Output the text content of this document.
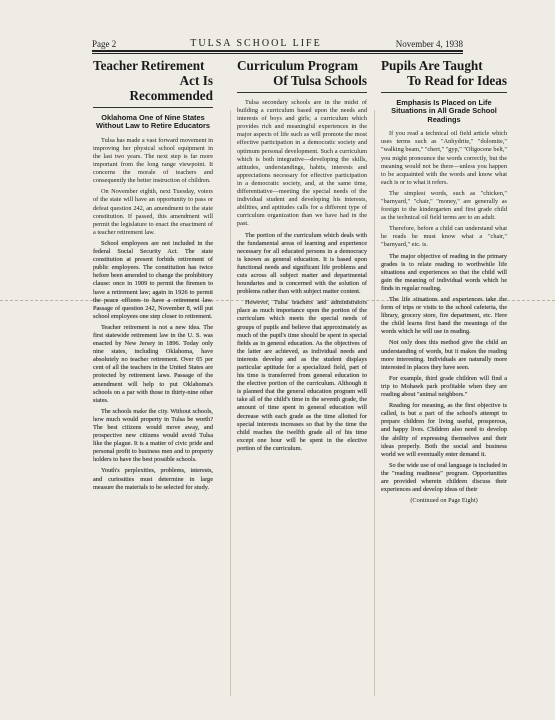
Page 2	TULSA SCHOOL LIFE	November 4, 1938
Teacher Retirement
Act Is Recommended
Oklahoma One of Nine States Without Law to Retire Educators

Tulsa has made a vast forward movement in improving her physical school equipment in the last two years. The next step is far more important from the long range viewpoint. It concerns the morale of teachers and consequently the better instruction of children.

On November eighth, next Tuesday, voters of the state will have an opportunity to pass or defeat question 242, an amendment to the state constitution. If passed, this amendment will permit the legislature to enact the enactment of a teacher retirement law.

School employees are not included in the federal Social Security Act. The state constitution at present forbids retirement of public employees. The constitution has twice before been amended to change the prohibitory clause: once in 1909 to permit the firemen to have a retirement law; again in 1926 to permit the peace officers to have a retirement law. Passage of question 242, November 8, will put school employees one step closer to retirement.

Teacher retirement is not a new idea. The first statewide retirement law in the U. S. was enacted by New Jersey in 1896. Today only nine states, including Oklahoma, have absolutely no teacher retirement. Over 65 per cent of all the teachers in the United States are protected by retirement laws. Passage of the amendment will help to put Oklahoma's schools on a par with those in thirty-nine other states.

The schools make the city. Without schools, how much would property in Tulsa be worth? The best citizens would move away, and prospective new citizens would avoid Tulsa like the plague. It is a matter of civic pride and personal profit to business men and to property holders to have the best possible schools.

Youth's perplexities, problems, interests, and curiosities must determine in large measure the materials to be selected for study.

Curriculum Program
Of Tulsa Schools

Tulsa secondary schools are in the midst of building a curriculum based upon the needs and interests of boys and girls; a curriculum which provides rich and meaningful experiences in the major aspects of life such as will promote the most effective participation in a democratic society and optimum personal development. Such a curriculum which is both integrative—developing the skills, attitudes, understandings, habits, interests and appreciations necessary for effective participation in a democratic society, and, at the same time, differentiative—meeting the special needs of the individual student and developing his interests, abilities, and aptitudes calls for a different type of curriculum organization than we have had in the past.

The portion of the curriculum which deals with the fundamental areas of learning and experience necessary for all educated persons in a democracy is known as general education. It is based upon functional needs and significant life problems and cuts across all subject matter and departmental boundaries and is concerned with the solution of problems rather than with subject matter content.

However, Tulsa teachers and administrators place as much importance upon the portion of the curriculum which meets the special needs of groups of pupils and believe that approximately as much of the pupil's time should be spent in special fields as in general education. As the objectives of the latter are achieved, as individual needs and interests develop and as the student displays particular aptitude for a specialized field, part of his time is transferred from general education to the elective portion of the curriculum. Although it is planned that the general education program will take all of the child's time in the seventh grade, the amount of time spent in general education will decrease with each grade as the time allotted for special interests increases so that by the time the child reaches the twelfth grade all of his time except one hour will be spent in the elective portion of the curriculum.

Pupils Are Taught
To Read for Ideas
Emphasis Is Placed on Life Situations in All Grade School Readings

If you read a technical oil field article which uses terms such as "Anhydrite," "dolomite," "walking beam," "chert," "gyp," "Oligocene belt," you might pronounce the words correctly, but the meaning would not be there—unless you happen to be acquainted with the words and know what each is or to what it refers.

The simplest words, such as "chicken," "barnyard," "chair," "money," are generally as foreign to the kindergarten and first grade child as the technical oil field terms are to an adult.

Therefore, before a child can understand what he reads he must know what a "chair," "barnyard," etc. is.

The major objective of reading in the primary grades is to relate reading to worthwhile life situations and experiences so that the child will gain the meaning of individual words which he finds in regular reading.

The life situations and experiences take the form of trips or visits to the school cafeteria, the library, grocery store, fire department, etc. Here the child learns first hand the meanings of the words which he will use in reading.

Not only does this method give the child an understanding of words, but it makes the reading more interesting. Individuals are naturally more interested in places they have seen.

For example, third grade children will find a trip to Mohawk park profitable when they are reading about "animal neighbors."

Reading for meaning, as the first objective is called, is but a part of the school's attempt to prepare children for living useful, prosperous, and happy lives. Children also need to develop the ability of expressing themselves and their ideas properly. Both the social and business world we will eventually enter demand it.

So the wide use of oral language is included in the "reading readiness" program. Opportunities are provided wherein children discuss their experiences and develop ideas of their

(Continued on Page Eight)
